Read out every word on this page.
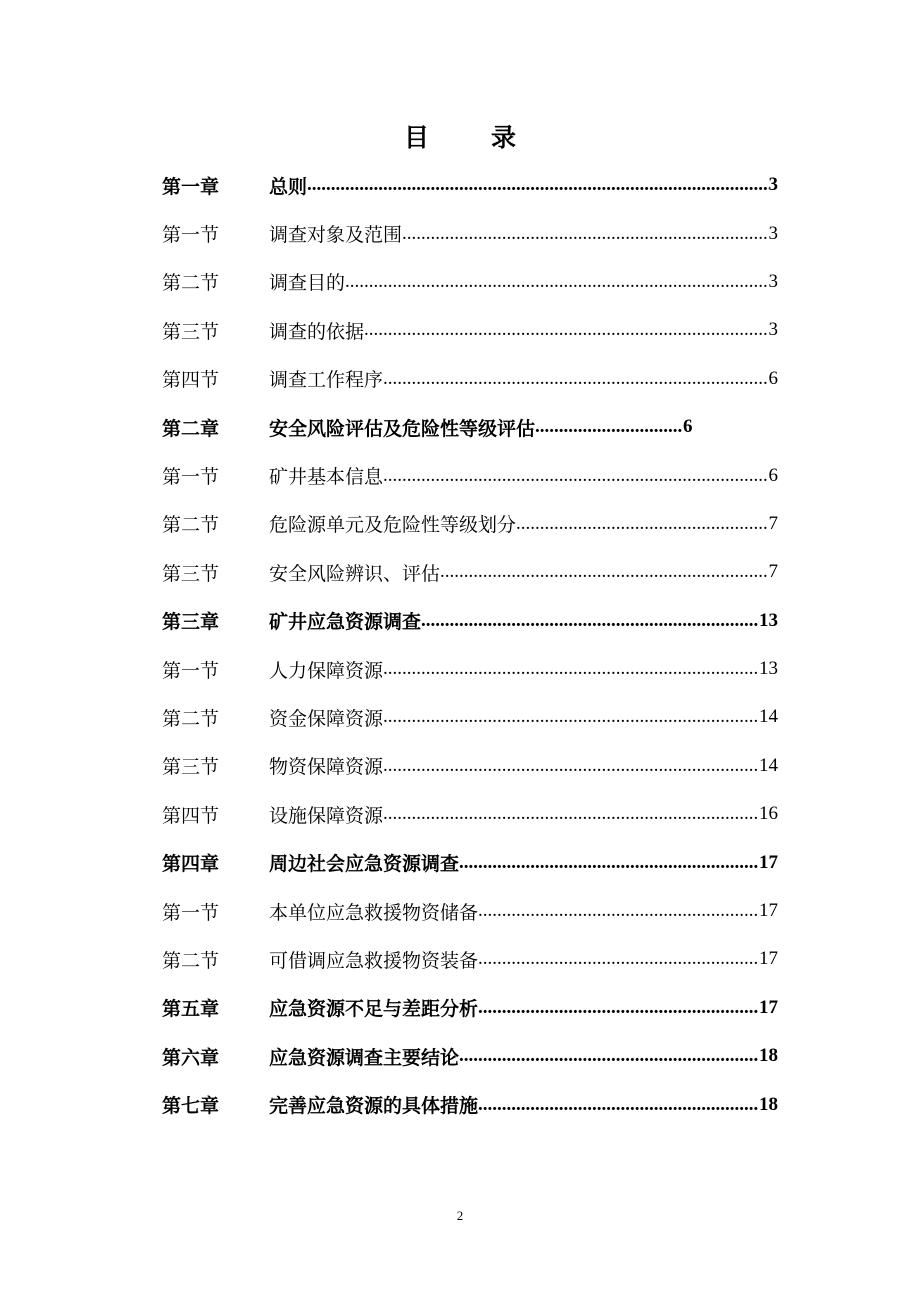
目 录
第一章	总则 .....	3
第一节	调查对象及范围 .....	3
第二节	调查目的 .....	3
第三节	调查的依据 .....	3
第四节	调查工作程序 .....	6
第二章	安全风险评估及危险性等级评估 .....	6
第一节	矿井基本信息 .....	6
第二节	危险源单元及危险性等级划分 .....	7
第三节	安全风险辨识、评估 .....	7
第三章	矿井应急资源调查 .....	13
第一节	人力保障资源 .....	13
第二节	资金保障资源 .....	14
第三节	物资保障资源 .....	14
第四节	设施保障资源 .....	16
第四章	周边社会应急资源调查 .....	17
第一节	本单位应急救援物资储备 .....	17
第二节	可借调应急救援物资装备 .....	17
第五章	应急资源不足与差距分析 .....	17
第六章	应急资源调查主要结论 .....	18
第七章	完善应急资源的具体措施 .....	18
2
